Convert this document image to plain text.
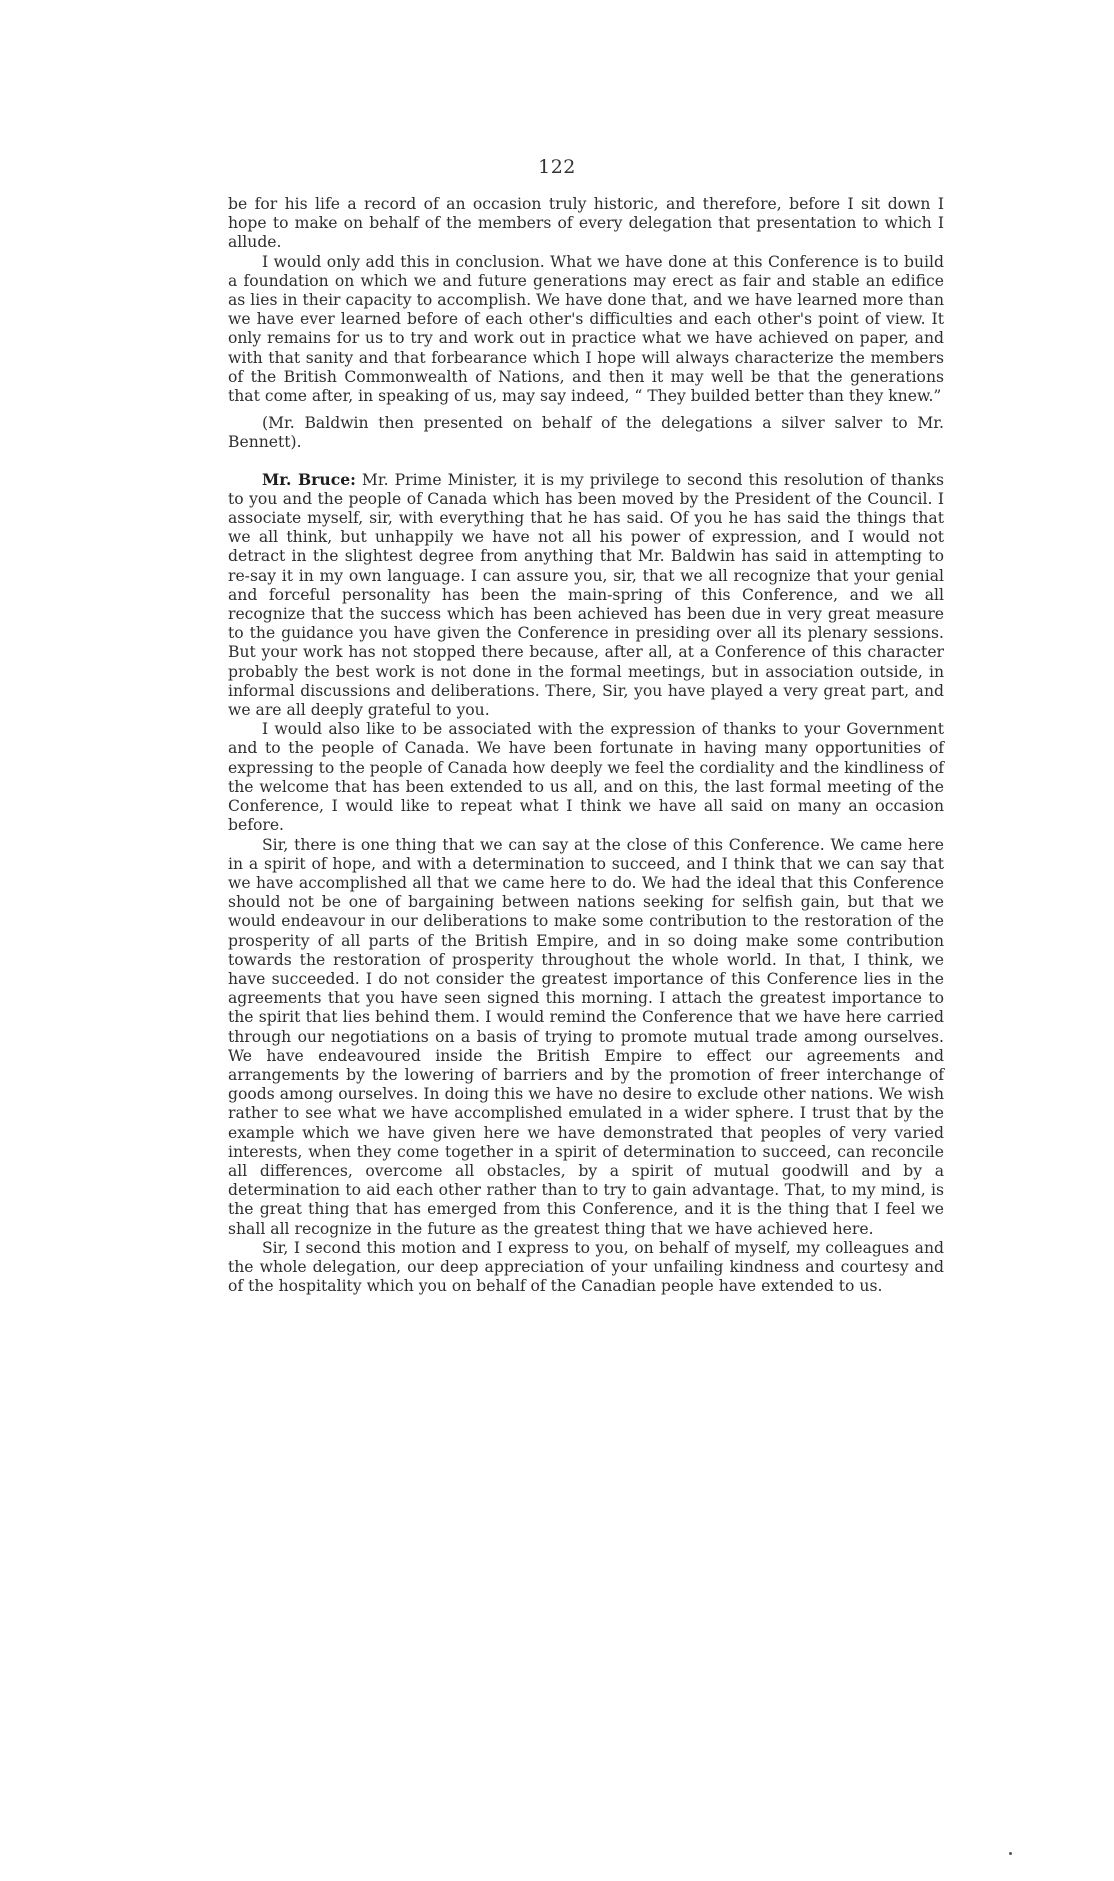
122

be for his life a record of an occasion truly historic, and therefore, before I sit down I hope to make on behalf of the members of every delegation that presentation to which I allude.

I would only add this in conclusion. What we have done at this Conference is to build a foundation on which we and future generations may erect as fair and stable an edifice as lies in their capacity to accomplish. We have done that, and we have learned more than we have ever learned before of each other's difficulties and each other's point of view. It only remains for us to try and work out in practice what we have achieved on paper, and with that sanity and that forbearance which I hope will always characterize the members of the British Commonwealth of Nations, and then it may well be that the generations that come after, in speaking of us, may say indeed, “ They builded better than they knew.”

(Mr. Baldwin then presented on behalf of the delegations a silver salver to Mr. Bennett).

Mr. Bruce: Mr. Prime Minister, it is my privilege to second this resolution of thanks to you and the people of Canada which has been moved by the President of the Council. I associate myself, sir, with everything that he has said. Of you he has said the things that we all think, but unhappily we have not all his power of expression, and I would not detract in the slightest degree from anything that Mr. Baldwin has said in attempting to re-say it in my own language. I can assure you, sir, that we all recognize that your genial and forceful personality has been the main-spring of this Conference, and we all recognize that the success which has been achieved has been due in very great measure to the guidance you have given the Conference in presiding over all its plenary sessions. But your work has not stopped there because, after all, at a Conference of this character probably the best work is not done in the formal meetings, but in association outside, in informal discussions and deliberations. There, Sir, you have played a very great part, and we are all deeply grateful to you.

I would also like to be associated with the expression of thanks to your Government and to the people of Canada. We have been fortunate in having many opportunities of expressing to the people of Canada how deeply we feel the cordiality and the kindliness of the welcome that has been extended to us all, and on this, the last formal meeting of the Conference, I would like to repeat what I think we have all said on many an occasion before.

Sir, there is one thing that we can say at the close of this Conference. We came here in a spirit of hope, and with a determination to succeed, and I think that we can say that we have accomplished all that we came here to do. We had the ideal that this Conference should not be one of bargaining between nations seeking for selfish gain, but that we would endeavour in our deliberations to make some contribution to the restoration of the prosperity of all parts of the British Empire, and in so doing make some contribution towards the restoration of prosperity throughout the whole world. In that, I think, we have succeeded. I do not consider the greatest importance of this Conference lies in the agreements that you have seen signed this morning. I attach the greatest importance to the spirit that lies behind them. I would remind the Conference that we have here carried through our negotiations on a basis of trying to promote mutual trade among ourselves. We have endeavoured inside the British Empire to effect our agreements and arrangements by the lowering of barriers and by the promotion of freer interchange of goods among ourselves. In doing this we have no desire to exclude other nations. We wish rather to see what we have accomplished emulated in a wider sphere. I trust that by the example which we have given here we have demonstrated that peoples of very varied interests, when they come together in a spirit of determination to succeed, can reconcile all differences, overcome all obstacles, by a spirit of mutual goodwill and by a determination to aid each other rather than to try to gain advantage. That, to my mind, is the great thing that has emerged from this Conference, and it is the thing that I feel we shall all recognize in the future as the greatest thing that we have achieved here.

Sir, I second this motion and I express to you, on behalf of myself, my colleagues and the whole delegation, our deep appreciation of your unfailing kindness and courtesy and of the hospitality which you on behalf of the Canadian people have extended to us.
